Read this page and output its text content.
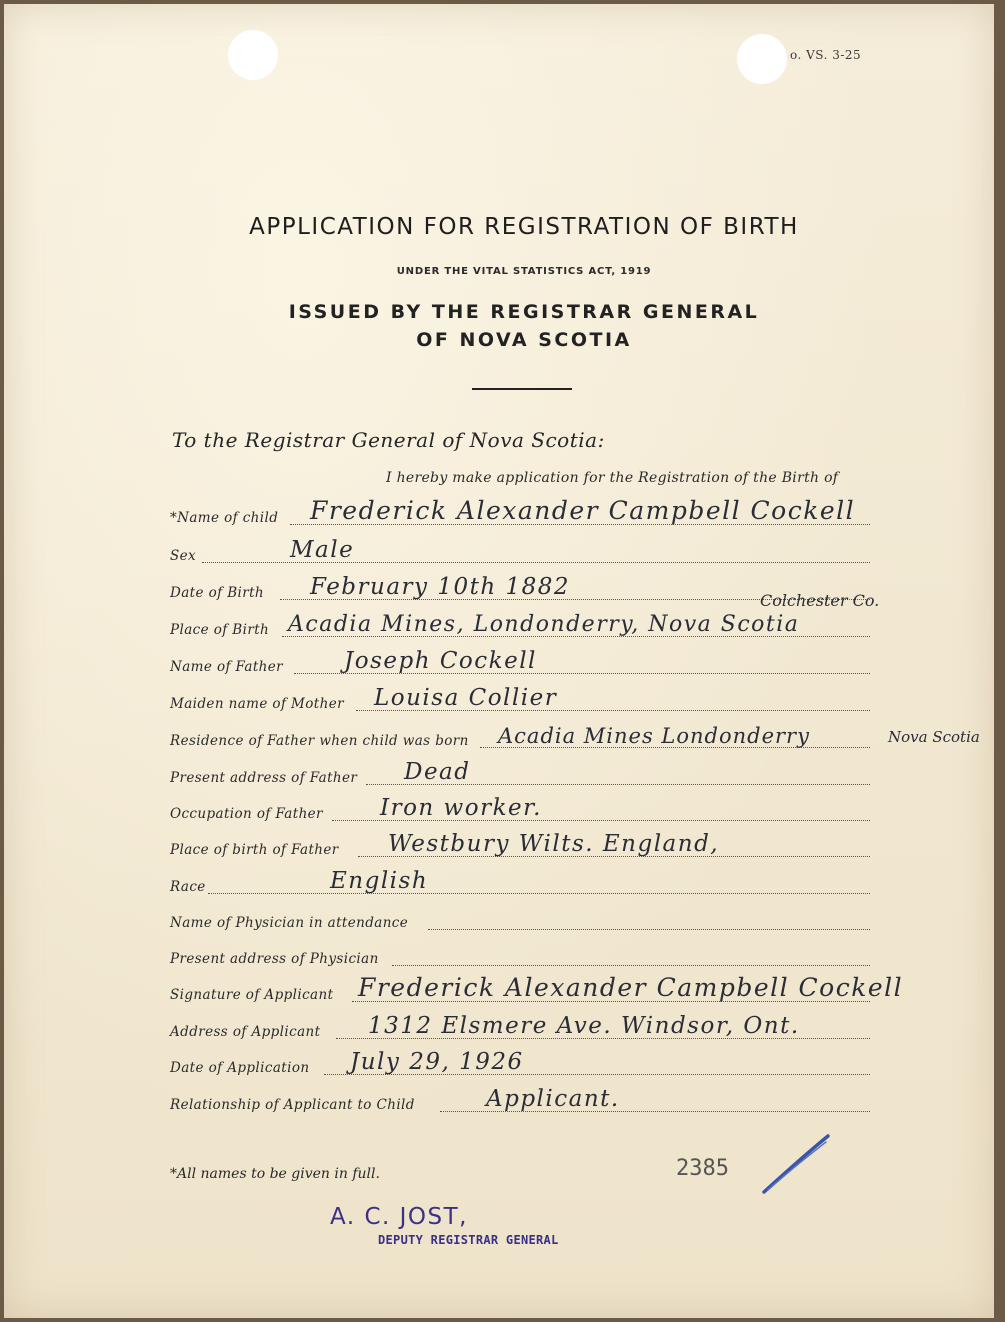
o. VS. 3-25
APPLICATION FOR REGISTRATION OF BIRTH
UNDER THE VITAL STATISTICS ACT, 1919
ISSUED BY THE REGISTRAR GENERAL
OF NOVA SCOTIA
To the Registrar General of Nova Scotia:
I hereby make application for the Registration of the Birth of
*Name of child Frederick Alexander Campbell Cockell
Sex	Male
Date of Birth February 10th 1882
Colchester Co.
Place of Birth Acadia Mines, Londonderry, Nova Scotia
Name of Father	Joseph Cockell
Maiden name of Mother Louisa Collier
Residence of Father when child was born Acadia Mines Londonderry	Nova Scotia
Present address of Father Dead
Occupation of Father Iron worker.
Place of birth of Father Westbury Wilts. England,
Race	English
Name of Physician in attendance
Present address of Physician
Signature of Applicant Frederick Alexander Campbell Cockell
Address of Applicant 1312 Elsmere Ave. Windsor, Ont.
Date of Application July 29, 1926
Relationship of Applicant to Child	Applicant.
*All names to be given in full.	2385
A. C. JOST,
DEPUTY REGISTRAR GENERAL
